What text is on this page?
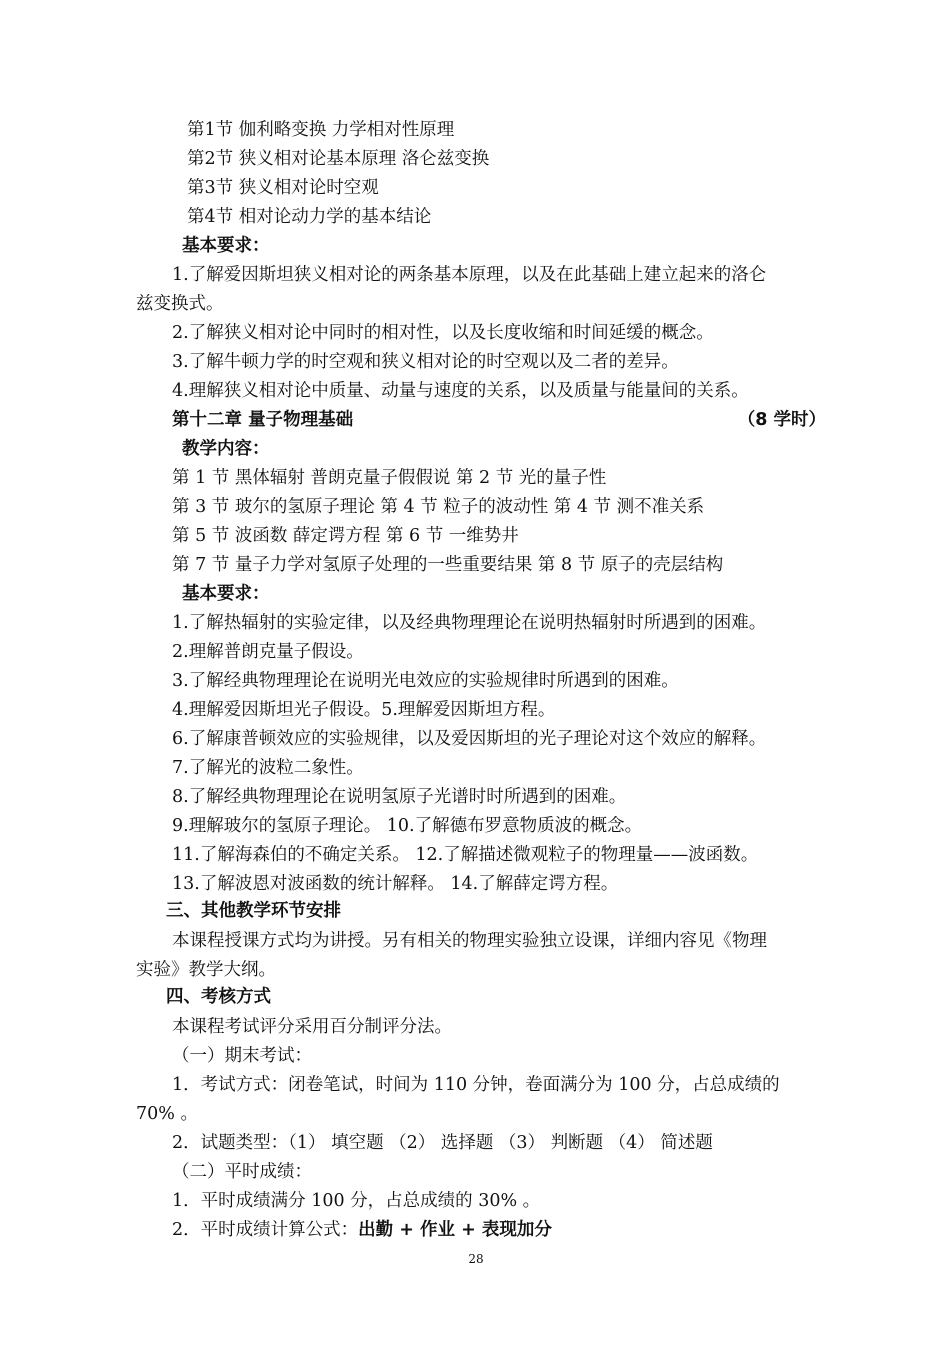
第1节 伽利略变换 力学相对性原理
第2节 狭义相对论基本原理 洛仑兹变换
第3节 狭义相对论时空观
第4节 相对论动力学的基本结论
基本要求：
1.了解爱因斯坦狭义相对论的两条基本原理，以及在此基础上建立起来的洛仑
兹变换式。
2.了解狭义相对论中同时的相对性，以及长度收缩和时间延缓的概念。
3.了解牛顿力学的时空观和狭义相对论的时空观以及二者的差异。
4.理解狭义相对论中质量、动量与速度的关系，以及质量与能量间的关系。
第十二章 量子物理基础	（8 学时）
教学内容：
第 1 节 黑体辐射 普朗克量子假假说 第 2 节 光的量子性
第 3 节 玻尔的氢原子理论 第 4 节 粒子的波动性 第 4 节 测不准关系
第 5 节 波函数 薛定谔方程 第 6 节 一维势井
第 7 节 量子力学对氢原子处理的一些重要结果 第 8 节 原子的壳层结构
基本要求：
1.了解热辐射的实验定律，以及经典物理理论在说明热辐射时所遇到的困难。
2.理解普朗克量子假设。
3.了解经典物理理论在说明光电效应的实验规律时所遇到的困难。
4.理解爱因斯坦光子假设。5.理解爱因斯坦方程。
6.了解康普顿效应的实验规律，以及爱因斯坦的光子理论对这个效应的解释。
7.了解光的波粒二象性。
8.了解经典物理理论在说明氢原子光谱时时所遇到的困难。
9.理解玻尔的氢原子理论。 10.了解德布罗意物质波的概念。
11.了解海森伯的不确定关系。 12.了解描述微观粒子的物理量——波函数。
13.了解波恩对波函数的统计解释。 14.了解薛定谔方程。
三、其他教学环节安排
本课程授课方式均为讲授。另有相关的物理实验独立设课，详细内容见《物理
实验》教学大纲。
四、考核方式
本课程考试评分采用百分制评分法。
（一）期末考试：
1．考试方式：闭卷笔试，时间为 110 分钟，卷面满分为 100 分，占总成绩的
70% 。
2．试题类型：（1） 填空题 （2） 选择题 （3） 判断题 （4） 简述题
（二）平时成绩：
1．平时成绩满分 100 分，占总成绩的 30% 。
2．平时成绩计算公式：出勤 + 作业 + 表现加分
28
